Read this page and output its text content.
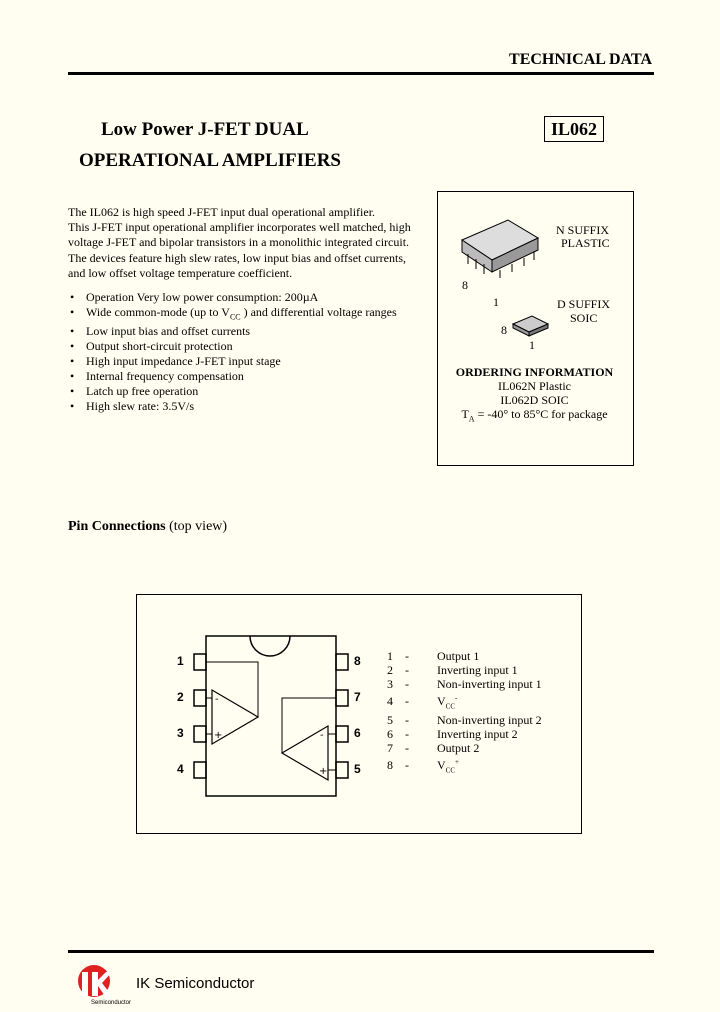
TECHNICAL DATA
Low Power J-FET DUAL
OPERATIONAL AMPLIFIERS
IL062
The IL062 is high speed J-FET input dual operational amplifier.
This J-FET input operational amplifier incorporates well matched, high
voltage J-FET and bipolar transistors in a monolithic integrated circuit.
The devices feature high slew rates, low input bias and offset currents,
and low offset voltage temperature coefficient.
• Operation Very low power consumption: 200µA
• Wide common-mode (up to $V_{CC}$ ) and differential voltage ranges
• Low input bias and offset currents
• Output short-circuit protection
• High input impedance J-FET input stage
• Internal frequency compensation
• Latch up free operation
• High slew rate: 3.5V/s
N SUFFIX
PLASTIC
8
1	D SUFFIX
SOIC
8
1
ORDERING INFORMATION
IL062N Plastic
IL062D SOIC
$T_A = -40^\circ$ to 85°C for package
Pin Connections (top view)
-
+	-
+
1
2
3
4	5
6
7
8 1 - Output 1
2 - Inverting input 1
3 - Non-inverting input 1
$4 - V_{CC}^-$
5 - Non-inverting input 2
6 - Inverting input 2
7 - Output 2
$8 - V_{CC}^+$
IK Semiconductor
Semiconductor
